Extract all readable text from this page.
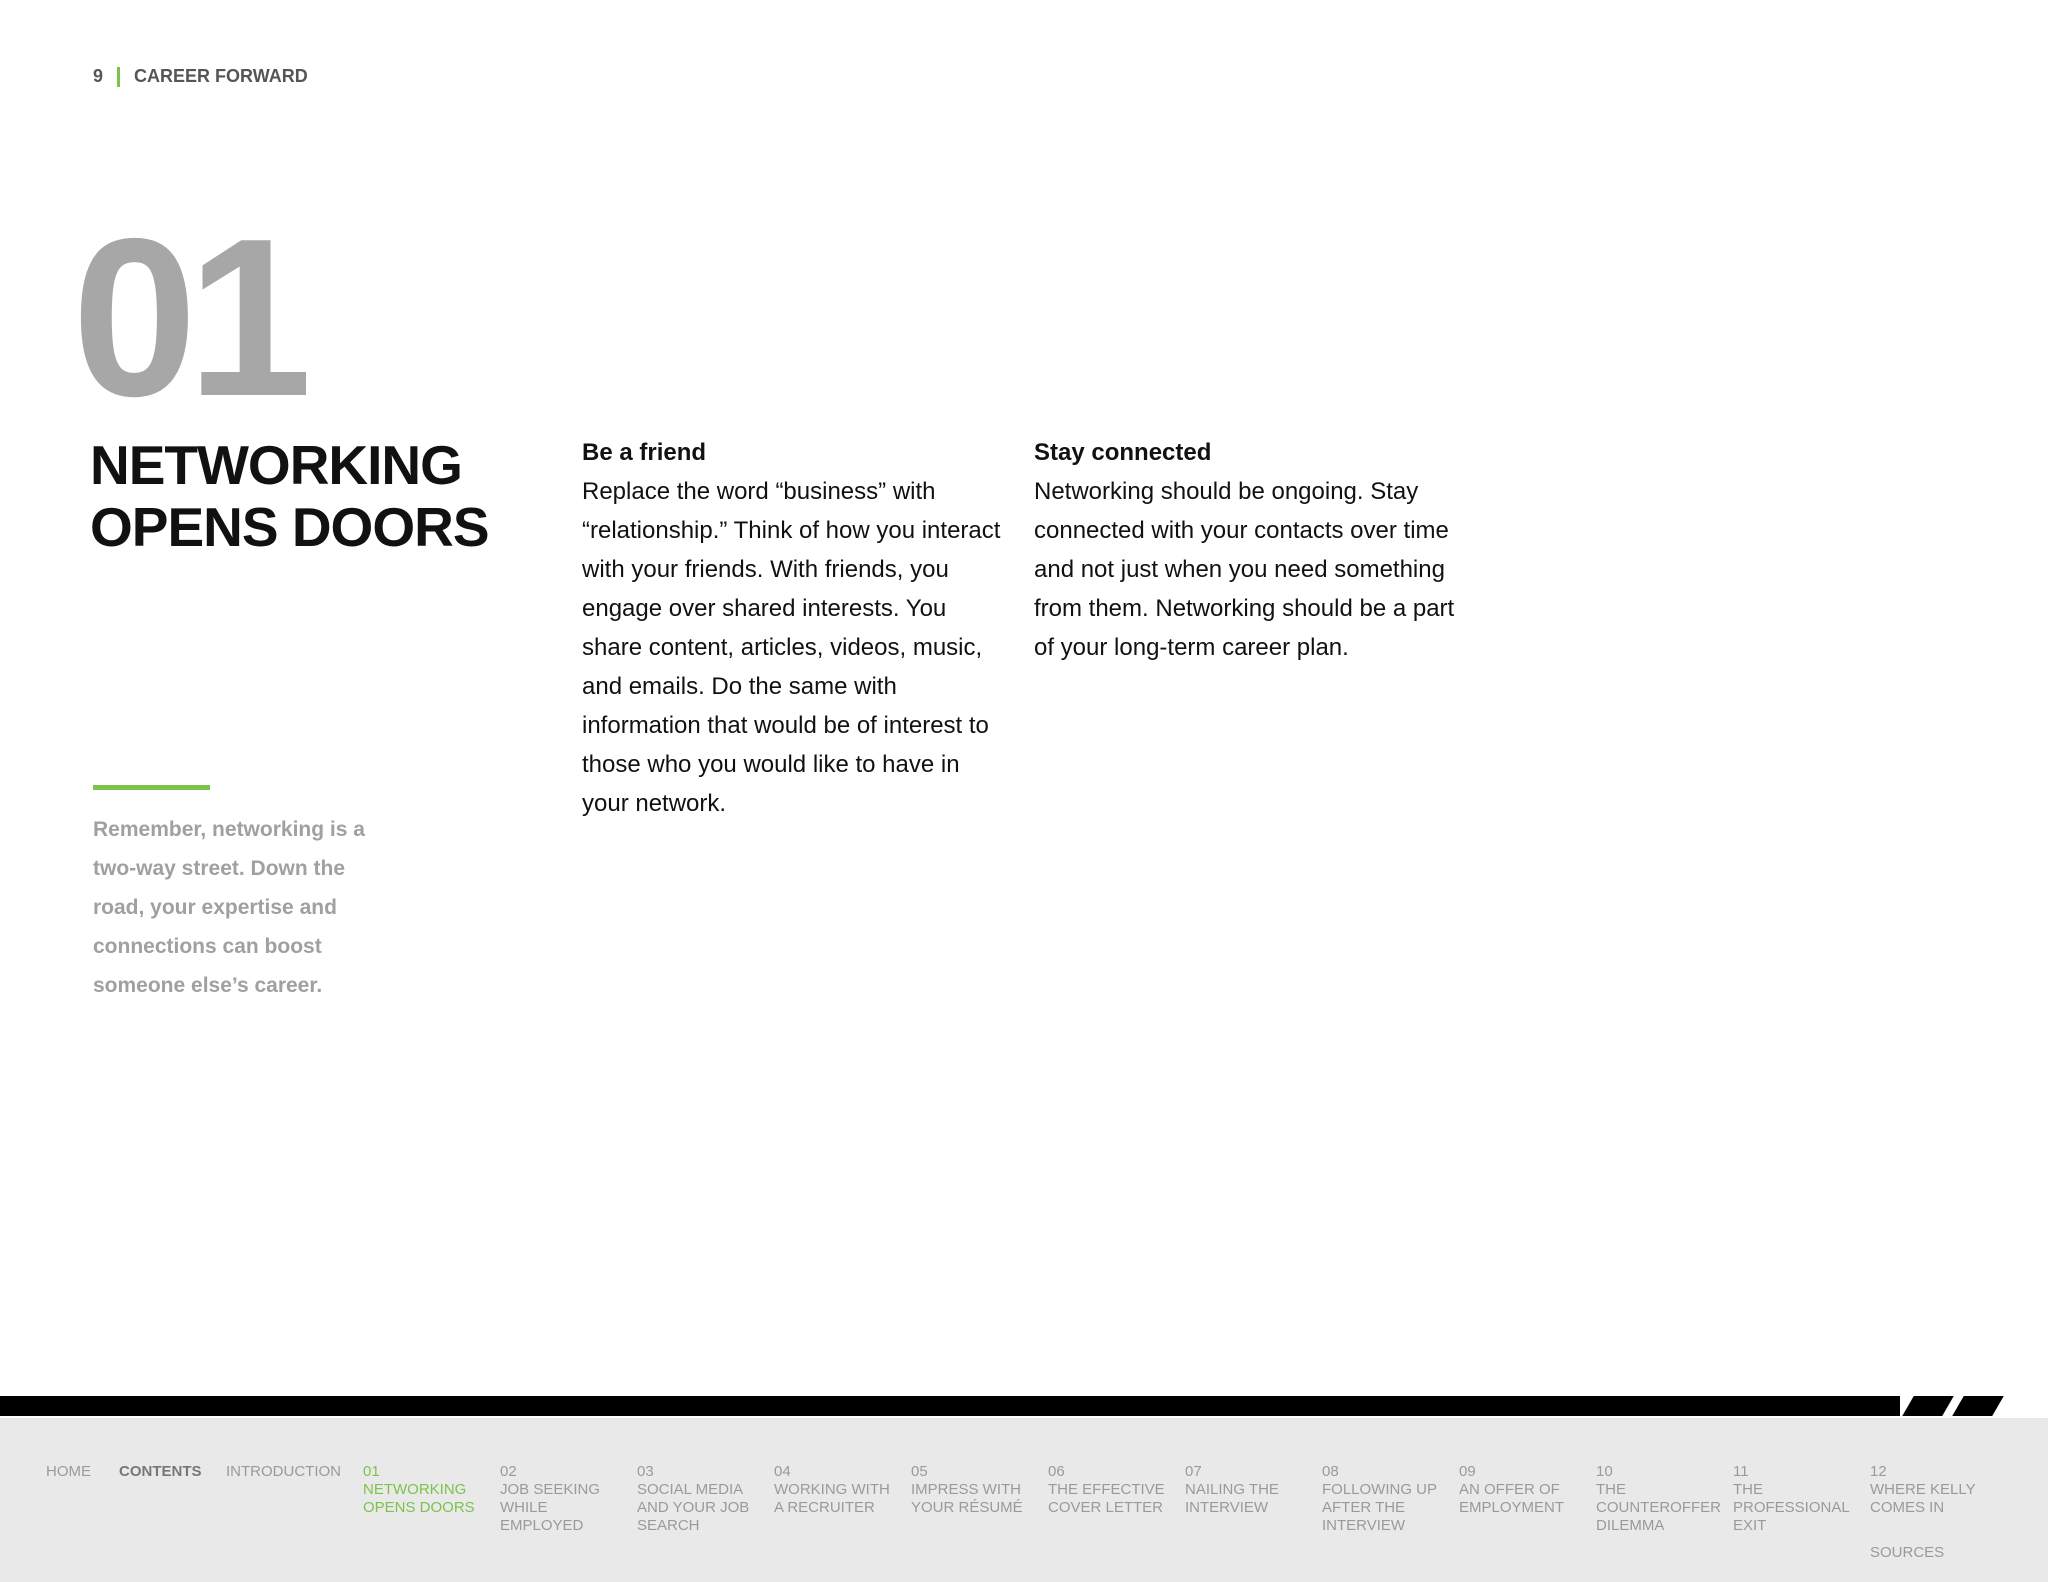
9 CAREER FORWARD
01
NETWORKING
OPENS DOORS
Remember, networking is a two-way street. Down the road, your expertise and connections can boost someone else’s career.
Be a friend

Replace the word “business” with “relationship.” Think of how you interact with your friends. With friends, you engage over shared interests. You share content, articles, videos, music, and emails. Do the same with information that would be of interest to those who you would like to have in your network.

Stay connected

Networking should be ongoing. Stay connected with your contacts over time and not just when you need something from them. Networking should be a part of your long-term career plan.

HOME CONTENTS INTRODUCTION 01
NETWORKING OPENS DOORS
02
JOB SEEKING WHILE EMPLOYED
03
SOCIAL MEDIA AND YOUR JOB SEARCH
04
WORKING WITH A RECRUITER
05
IMPRESS WITH YOUR RÉSUMÉ
06
THE EFFECTIVE COVER LETTER
07
NAILING THE INTERVIEW
08
FOLLOWING UP AFTER THE INTERVIEW
09
AN OFFER OF EMPLOYMENT
10
THE COUNTEROFFER DILEMMA
11
THE PROFESSIONAL EXIT
12
WHERE KELLY COMES IN
SOURCES
